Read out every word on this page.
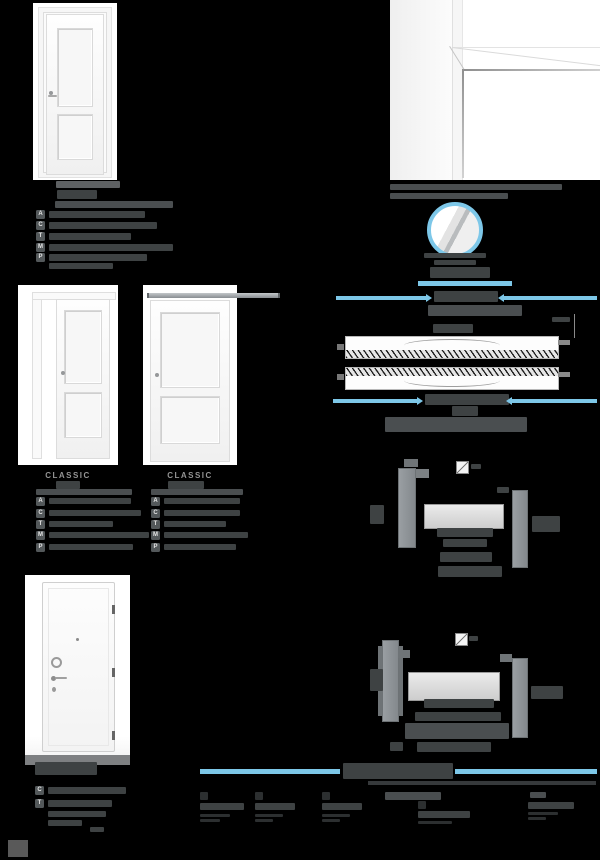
A
C
T
M
P
CLASSIC	CLASSIC
A
C
T
M
P
A
C
T
M
P
C
T
